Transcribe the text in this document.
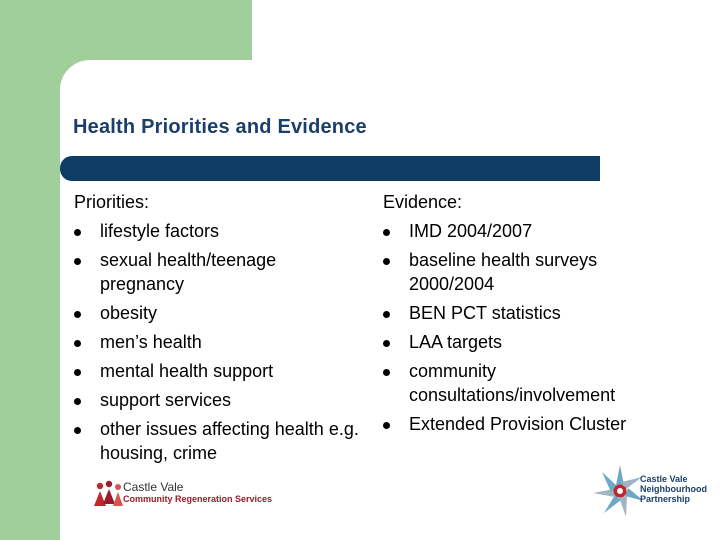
Health Priorities and Evidence
Priorities:
lifestyle factors
sexual health/teenage pregnancy
obesity
men’s health
mental health support
support services
other issues affecting health e.g. housing, crime
Evidence:
IMD 2004/2007
baseline health surveys 2000/2004
BEN PCT statistics
LAA targets
community consultations/involvement
Extended Provision Cluster
Castle Vale
Community Regeneration Services
Castle Vale
Neighbourhood
Partnership
